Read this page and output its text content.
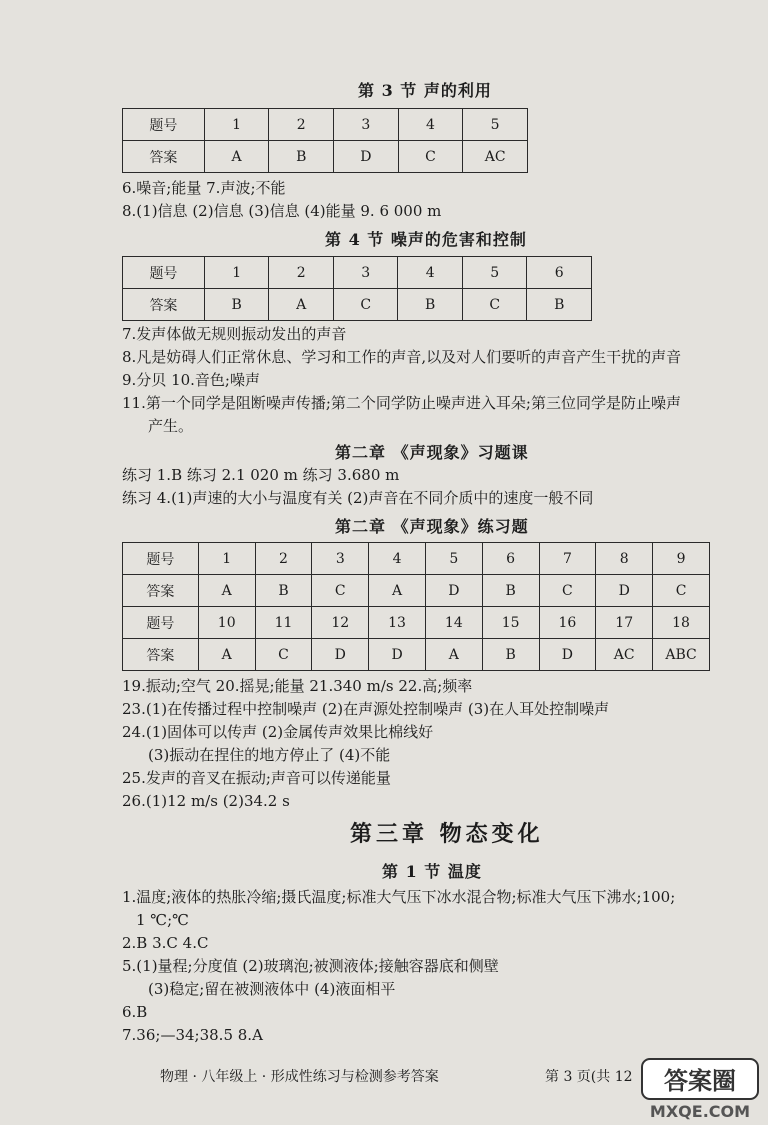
第 3 节 声的利用
题号	1	2	3	4	5
答案	A	B	D	C	AC
6.噪音;能量 7.声波;不能
8.(1)信息 (2)信息 (3)信息 (4)能量 9. 6 000 m
第 4 节 噪声的危害和控制
题号	1	2	3	4	5	6
答案	B	A	C	B	C	B
7.发声体做无规则振动发出的声音
8.凡是妨碍人们正常休息、学习和工作的声音,以及对人们要听的声音产生干扰的声音
9.分贝 10.音色;噪声
11.第一个同学是阻断噪声传播;第二个同学防止噪声进入耳朵;第三位同学是防止噪声
产生。
第二章 《声现象》习题课
练习 1.B 练习 2.1 020 m 练习 3.680 m
练习 4.(1)声速的大小与温度有关 (2)声音在不同介质中的速度一般不同
第二章 《声现象》练习题
题号	1	2	3	4	5	6	7	8	9
答案	A	B	C	A	D	B	C	D	C
题号	10	11	12	13	14	15	16	17	18
答案	A	C	D	D	A	B	D	AC	ABC
19.振动;空气 20.摇晃;能量 21.340 m/s 22.高;频率
23.(1)在传播过程中控制噪声 (2)在声源处控制噪声 (3)在人耳处控制噪声
24.(1)固体可以传声 (2)金属传声效果比棉线好
(3)振动在捏住的地方停止了 (4)不能
25.发声的音叉在振动;声音可以传递能量
26.(1)12 m/s (2)34.2 s
第三章 物态变化
第 1 节 温度
1.温度;液体的热胀冷缩;摄氏温度;标准大气压下冰水混合物;标准大气压下沸水;100;
1 ℃;℃
2.B 3.C 4.C
5.(1)量程;分度值 (2)玻璃泡;被测液体;接触容器底和侧壁
(3)稳定;留在被测液体中 (4)液面相平
6.B
7.36;—34;38.5 8.A
物理 · 八年级上 · 形成性练习与检测参考答案	第 3 页(共 12 答案圈
MXQE.COM
